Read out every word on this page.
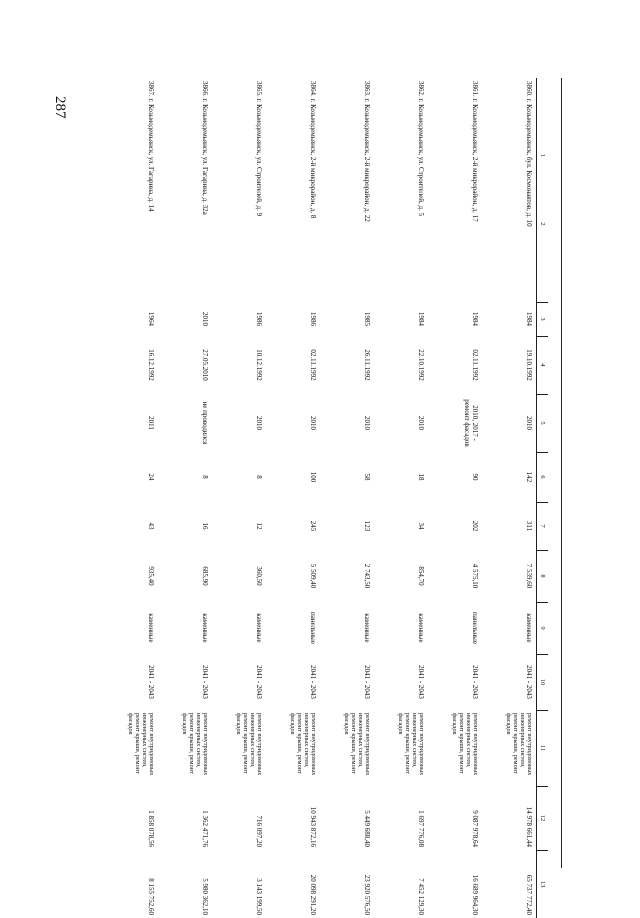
287
1                                        2	3	4	5	6	7	8	9	10	11	12	13
3860. г. Козьмодемьянск, бул. Космонавтов, д. 10	1984	19.10.1992	2010	142	311	7 539,60	каменные	2041 - 2043	ремонт внутридомовых инженерных систем, ремонт крыши, ремонт фасадов	14 978 661,44	65 737 772,40
3861. г. Козьмодемьянск, 2-й микрорайон, д. 17	1984	02.11.1992	2010, 2017 - ремонт фасадов	90	202	4 575,10	панельные	2041 - 2043	ремонт внутридомовых инженерных систем, ремонт крыши, ремонт фасадов	9 087 978,64	16 689 964,30
3862. г. Козьмодемьянск, ул. Строителей, д. 5	1984	22.10.1992	2010	18	34	854,70	каменные	2041 - 2043	ремонт внутридомовых инженерных систем, ремонт крыши, ремонт фасадов	1 697 776,08	7 452 129,30
3863. г. Козьмодемьянск, 2-й микрорайон, д. 22	1985	26.11.1992	2010	58	123	2 743,50	каменные	2041 - 2043	ремонт внутридомовых инженерных систем, ремонт крыши, ремонт фасадов	5 449 688,40	23 920 576,50
3864. г. Козьмодемьянск, 2-й микрорайон, д. 8	1986	02.11.1992	2010	100	245	5 509,40	панельные	2041 - 2043	ремонт внутридомовых инженерных систем, ремонт крыши, ремонт фасадов	10 943 872,16	20 098 291,20
3865. г. Козьмодемьянск, ул. Строителей, д. 9	1986	10.12.1992	2010	8	12	360,50	каменные	2041 - 2043	ремонт внутридомовых инженерных систем, ремонт крыши, ремонт фасадов	716 097,20	3 143 199,50
3866. г. Козьмодемьянск, ул. Гагарина, д. 32а	2010	27.05.2010	не проводился	8	16	685,90	каменные	2041 - 2043	ремонт внутридомовых инженерных систем, ремонт крыши, ремонт фасадов	1 362 471,76	5 980 362,10
3867. г. Козьмодемьянск, ул. Гагарина, д. 14	1964	16.12.1992	2011	24	43	935,40	каменные	2041 - 2043	ремонт внутридомовых инженерных систем, ремонт крыши, ремонт фасадов	1 858 078,56	8 155 752,60
